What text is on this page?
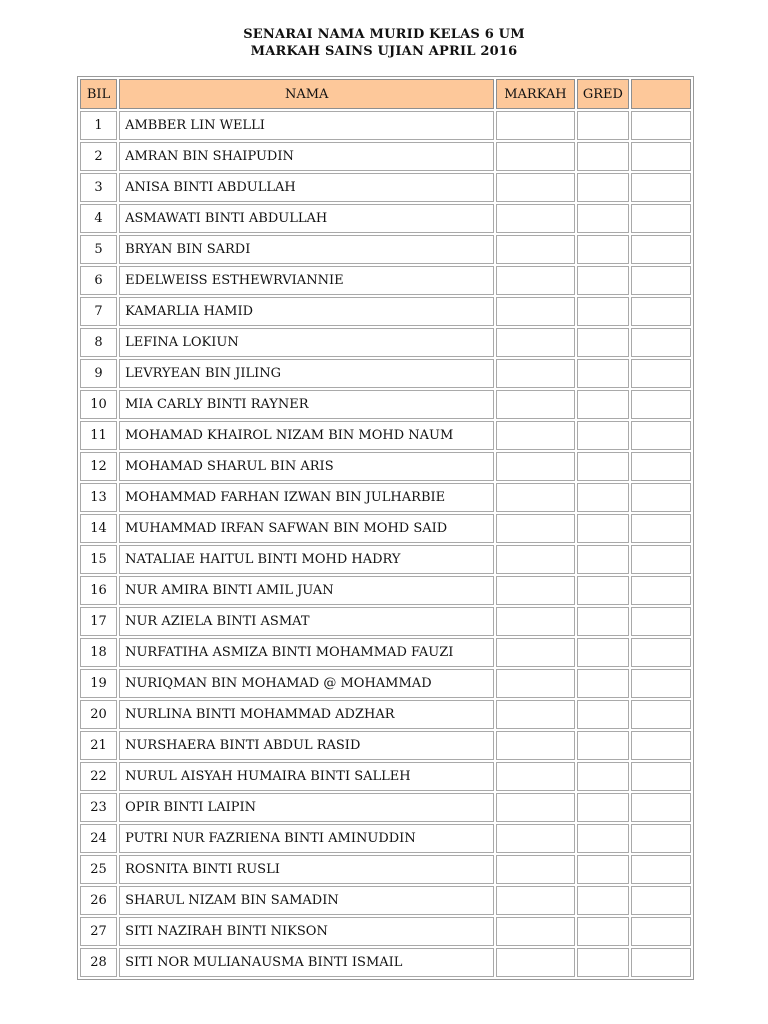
SENARAI NAMA MURID KELAS 6 UM
MARKAH SAINS UJIAN APRIL 2016
BIL	NAMA	MARKAH	GRED	
1	AMBBER LIN WELLI			
2	AMRAN BIN SHAIPUDIN			
3	ANISA BINTI ABDULLAH			
4	ASMAWATI BINTI ABDULLAH			
5	BRYAN BIN SARDI			
6	EDELWEISS ESTHEWRVIANNIE			
7	KAMARLIA HAMID			
8	LEFINA LOKIUN			
9	LEVRYEAN BIN JILING			
10	MIA CARLY BINTI RAYNER			
11	MOHAMAD KHAIROL NIZAM BIN MOHD NAUM			
12	MOHAMAD SHARUL BIN ARIS			
13	MOHAMMAD FARHAN IZWAN BIN JULHARBIE			
14	MUHAMMAD IRFAN SAFWAN BIN MOHD SAID			
15	NATALIAE HAITUL BINTI MOHD HADRY			
16	NUR AMIRA BINTI AMIL JUAN			
17	NUR AZIELA BINTI ASMAT			
18	NURFATIHA ASMIZA BINTI MOHAMMAD FAUZI			
19	NURIQMAN BIN MOHAMAD @ MOHAMMAD			
20	NURLINA BINTI MOHAMMAD ADZHAR			
21	NURSHAERA BINTI ABDUL RASID			
22	NURUL AISYAH HUMAIRA BINTI SALLEH			
23	OPIR BINTI LAIPIN			
24	PUTRI NUR FAZRIENA BINTI AMINUDDIN			
25	ROSNITA BINTI RUSLI			
26	SHARUL NIZAM BIN SAMADIN			
27	SITI NAZIRAH BINTI NIKSON			
28	SITI NOR MULIANAUSMA BINTI ISMAIL			
